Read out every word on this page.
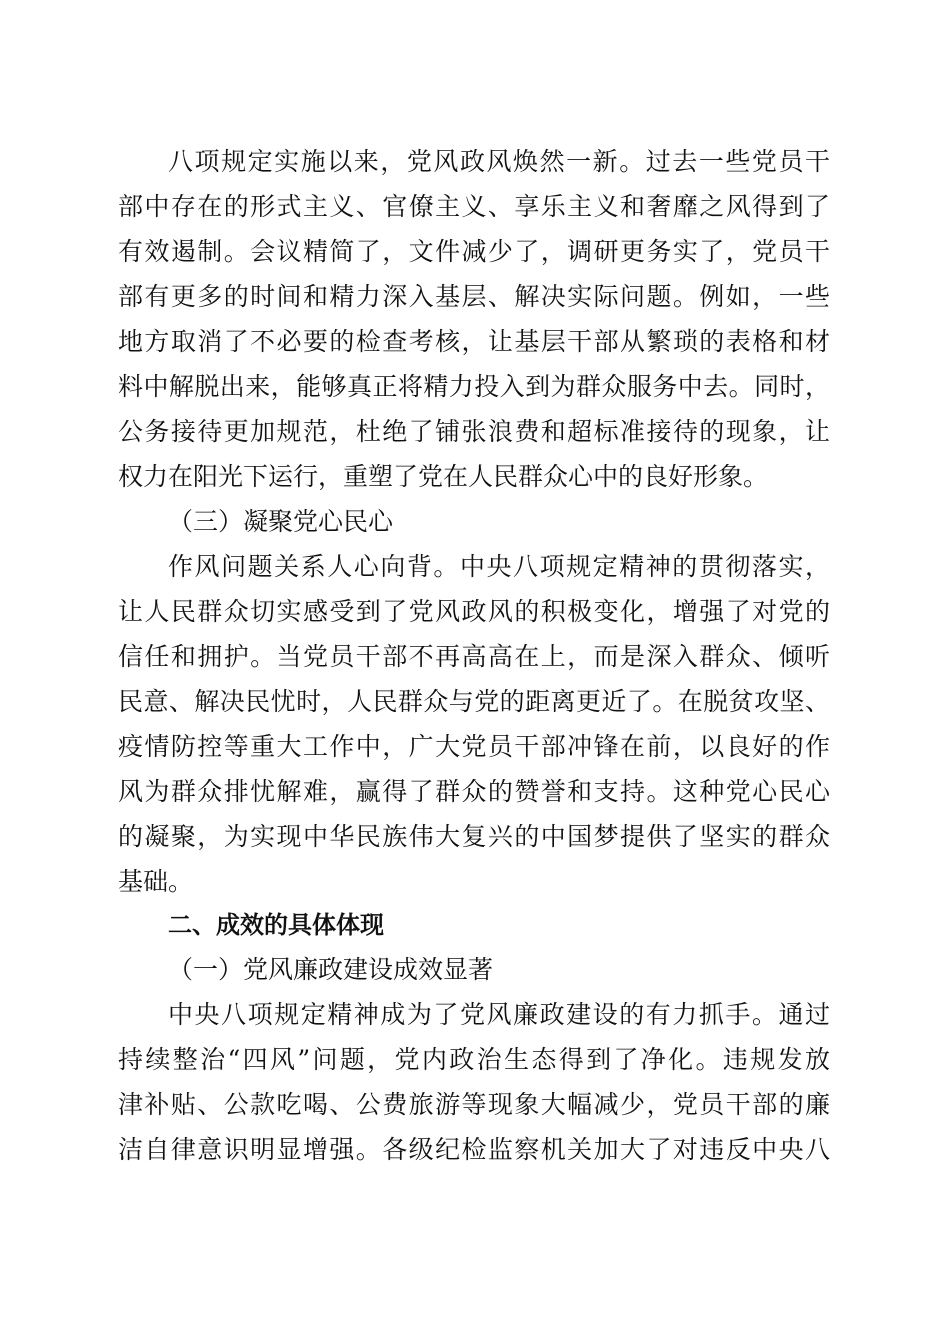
八项规定实施以来，党风政风焕然一新。过去一些党员干
部中存在的形式主义、官僚主义、享乐主义和奢靡之风得到了
有效遏制。会议精简了，文件减少了，调研更务实了，党员干
部有更多的时间和精力深入基层、解决实际问题。例如，一些
地方取消了不必要的检查考核，让基层干部从繁琐的表格和材
料中解脱出来，能够真正将精力投入到为群众服务中去。同时，
公务接待更加规范，杜绝了铺张浪费和超标准接待的现象，让
权力在阳光下运行，重塑了党在人民群众心中的良好形象。
（三）凝聚党心民心
作风问题关系人心向背。中央八项规定精神的贯彻落实，
让人民群众切实感受到了党风政风的积极变化，增强了对党的
信任和拥护。当党员干部不再高高在上，而是深入群众、倾听
民意、解决民忧时，人民群众与党的距离更近了。在脱贫攻坚、
疫情防控等重大工作中，广大党员干部冲锋在前，以良好的作
风为群众排忧解难，赢得了群众的赞誉和支持。这种党心民心
的凝聚，为实现中华民族伟大复兴的中国梦提供了坚实的群众
基础。
二、成效的具体体现
（一）党风廉政建设成效显著
中央八项规定精神成为了党风廉政建设的有力抓手。通过
持续整治“四风”问题，党内政治生态得到了净化。违规发放
津补贴、公款吃喝、公费旅游等现象大幅减少，党员干部的廉
洁自律意识明显增强。各级纪检监察机关加大了对违反中央八
